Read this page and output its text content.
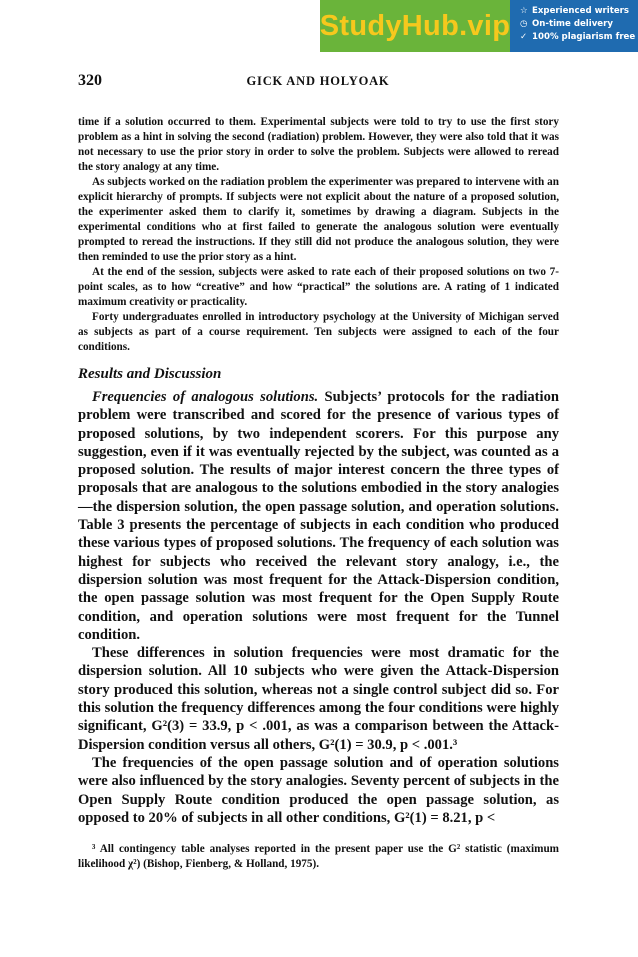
StudyHub.vip ☆ Experienced writers
◷ On-time delivery
✓ 100% plagiarism free
320	GICK AND HOLYOAK

time if a solution occurred to them. Experimental subjects were told to try to use the first story problem as a hint in solving the second (radiation) problem. However, they were also told that it was not necessary to use the prior story in order to solve the problem. Subjects were allowed to reread the story analogy at any time.

As subjects worked on the radiation problem the experimenter was prepared to intervene with an explicit hierarchy of prompts. If subjects were not explicit about the nature of a proposed solution, the experimenter asked them to clarify it, sometimes by drawing a diagram. Subjects in the experimental conditions who at first failed to generate the analogous solution were eventually prompted to reread the instructions. If they still did not produce the analogous solution, they were then reminded to use the prior story as a hint.

At the end of the session, subjects were asked to rate each of their proposed solutions on two 7-point scales, as to how “creative” and how “practical” the solutions are. A rating of 1 indicated maximum creativity or practicality.

Forty undergraduates enrolled in introductory psychology at the University of Michigan served as subjects as part of a course requirement. Ten subjects were assigned to each of the four conditions.

Results and Discussion

Frequencies of analogous solutions. Subjects’ protocols for the radiation problem were transcribed and scored for the presence of various types of proposed solutions, by two independent scorers. For this purpose any suggestion, even if it was eventually rejected by the subject, was counted as a proposed solution. The results of major interest concern the three types of proposals that are analogous to the solutions embodied in the story analogies—the dispersion solution, the open passage solution, and operation solutions. Table 3 presents the percentage of subjects in each condition who produced these various types of proposed solutions. The frequency of each solution was highest for subjects who received the relevant story analogy, i.e., the dispersion solution was most frequent for the Attack-Dispersion condition, the open passage solution was most frequent for the Open Supply Route condition, and operation solutions were most frequent for the Tunnel condition.

These differences in solution frequencies were most dramatic for the dispersion solution. All 10 subjects who were given the Attack-Dispersion story produced this solution, whereas not a single control subject did so. For this solution the frequency differences among the four conditions were highly significant, G²(3) = 33.9, p < .001, as was a comparison between the Attack-Dispersion condition versus all others, G²(1) = 30.9, p < .001.³

The frequencies of the open passage solution and of operation solutions were also influenced by the story analogies. Seventy percent of subjects in the Open Supply Route condition produced the open passage solution, as opposed to 20% of subjects in all other conditions, G²(1) = 8.21, p <

³ All contingency table analyses reported in the present paper use the G² statistic (maximum likelihood χ²) (Bishop, Fienberg, & Holland, 1975).
